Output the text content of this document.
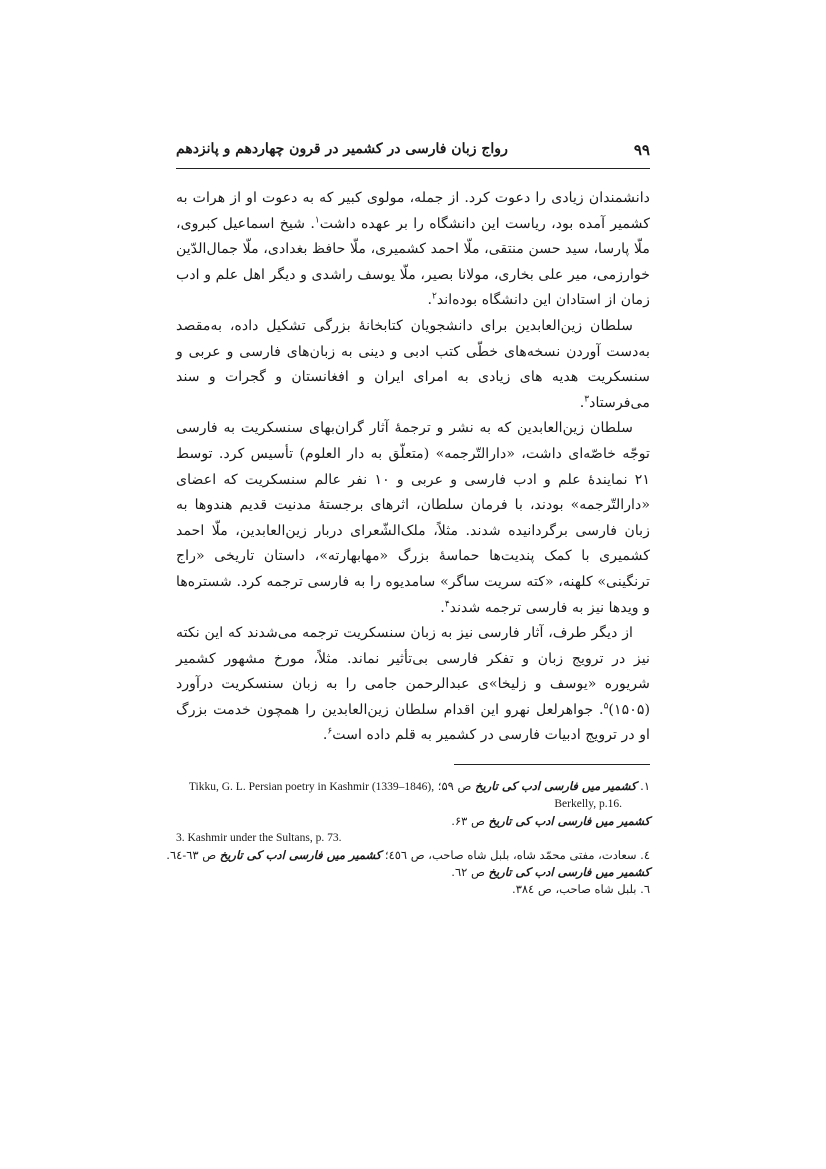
۹۹
رواج زبان فارسی در کشمیر در قرون چهاردهم و پانزدهم

دانشمندان زیادی را دعوت کرد. از جمله، مولوی کبیر که به دعوت او از هرات به کشمیر آمده بود، ریاست این دانشگاه را بر عهده داشت$^۱$. شیخ اسماعیل کبروی، ملّا پارسا، سید حسن منتقی، ملّا احمد کشمیری، ملّا حافظ بغدادی، ملّا جمال‌الدّین خوارزمی، میر علی بخاری، مولانا بصیر، ملّا یوسف راشدی و دیگر اهل علم و ادب زمان از استادان این دانشگاه بوده‌اند$^۲$.

سلطان زین‌العابدین برای دانشجویان کتابخانهٔ بزرگی تشکیل داده، به‌مقصد به‌دست آوردن نسخه‌های خطّی کتب ادبی و دینی به زبان‌های فارسی و عربی و سنسکریت هدیه های زیادی به امرای ایران و افغانستان و گجرات و سند می‌فرستاد$^۳$.

سلطان زین‌العابدین که به نشر و ترجمهٔ آثار گران‌بهای سنسکریت به فارسی توجّه خاصّه‌ای داشت، «دارالتّرجمه» (متعلّق به دار العلوم) تأسیس کرد. توسط ۲۱ نمایندهٔ علم و ادب فارسی و عربی و ۱۰ نفر عالم سنسکریت که اعضای «دارالتّرجمه» بودند، با فرمان سلطان، اثرهای برجستهٔ مدنیت قدیم هندوها به زبان فارسی برگردانیده شدند. مثلاً، ملک‌الشّعرای دربار زین‌العابدین، ملّا احمد کشمیری با کمک پندیت‌ها حماسهٔ بزرگ «مهابهارته»، داستان تاریخی «راج ترنگینی» کلهنه، «کته سریت ساگر» سامدیوه را به فارسی ترجمه کرد. شستره‌ها و ویدها نیز به فارسی ترجمه شدند$^۴$.

از دیگر طرف، آثار فارسی نیز به زبان سنسکریت ترجمه می‌شدند که این نکته نیز در ترویج زبان و تفکر فارسی بی‌تأثیر نماند. مثلاً، مورخ مشهور کشمیر شریوره «یوسف و زلیخا»ی عبدالرحمن جامی را به زبان سنسکریت درآورد (۱۵۰۵)$^۵$. جواهرلعل نهرو این اقدام سلطان زین‌العابدین را همچون خدمت بزرگ او در ترویج ادبیات فارسی در کشمیر به قلم داده است$^۶$.

۱. کشمیر میں فارسی ادب کی تاریخ ص ۵۹؛ Tikku, G. L. Persian poetry in Kashmir (1339–1846),
Berkelly, p.16.
کشمیر میں فارسی ادب کی تاریخ ص ۶۳.
3. Kashmir under the Sultans, p. 73.
٤. سعادت، مفتی محمّد شاه، بلبل شاه صاحب، ص ٤٥٦؛ کشمیر میں فارسی ادب کی تاریخ ص ٦٣-٦٤.
کشمیر میں فارسی ادب کی تاریخ ص ٦٢.
٦. بلبل شاه صاحب، ص ٣٨٤.
